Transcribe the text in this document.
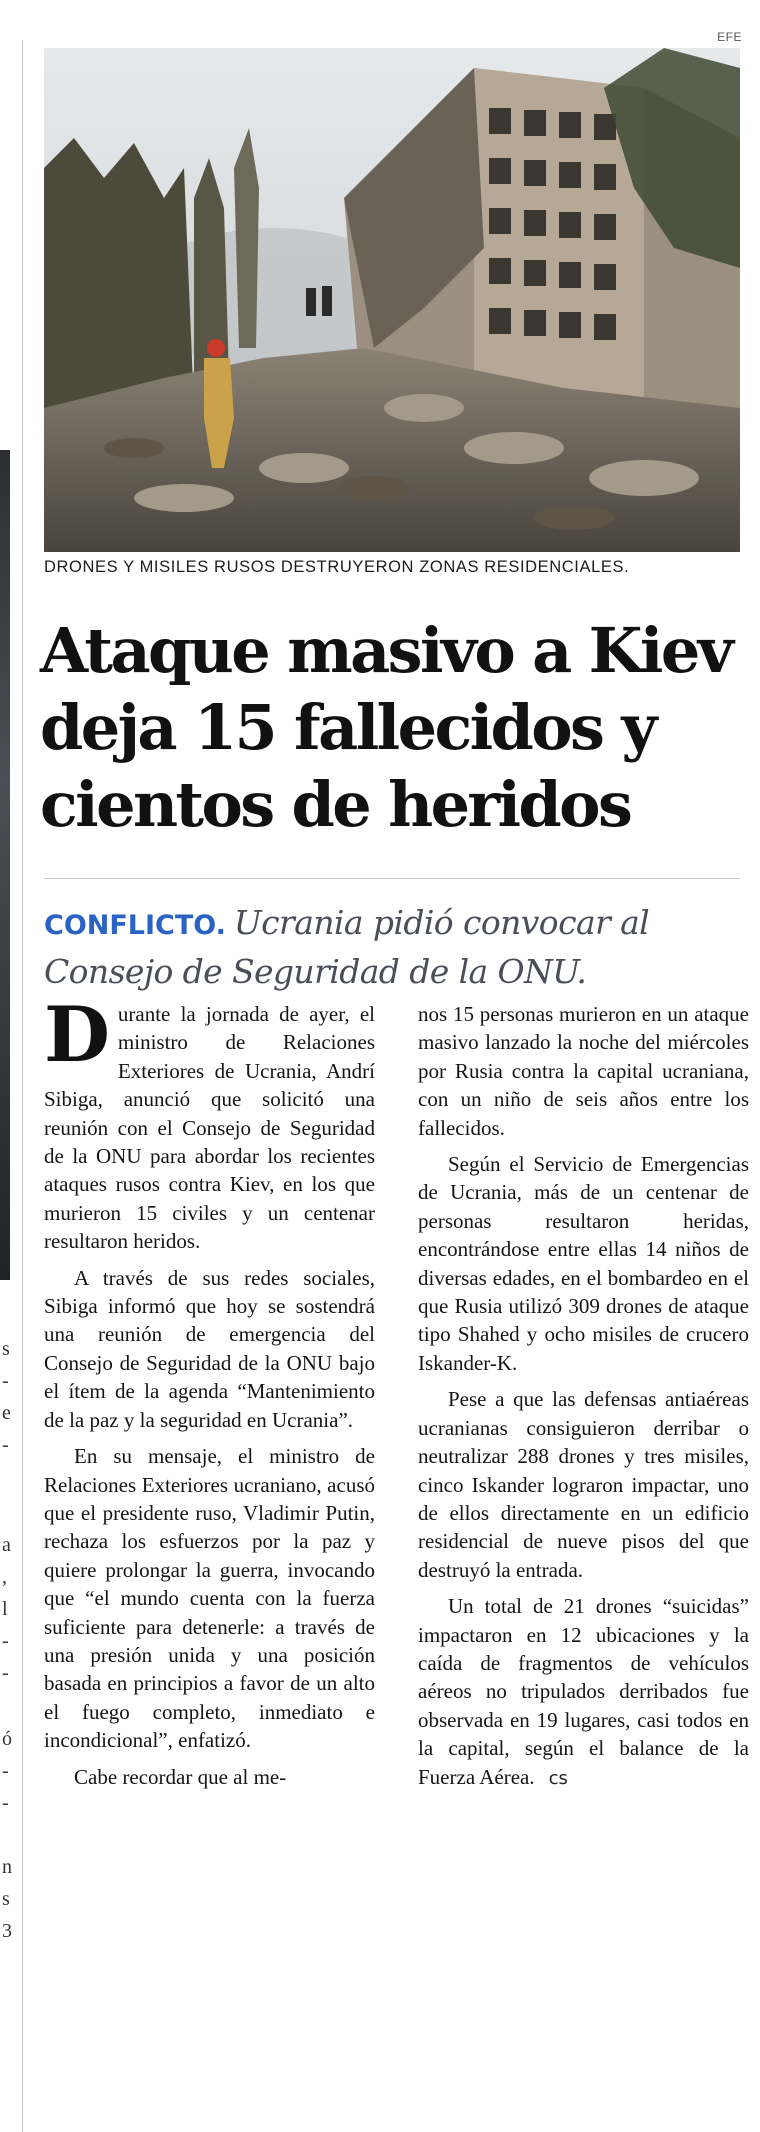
s
-
e
-
a
,
l
-
-
ó
-
-
n
s
3
EFE
DRONES Y MISILES RUSOS DESTRUYERON ZONAS RESIDENCIALES.
Ataque masivo a Kiev
deja 15 fallecidos y
cientos de heridos
CONFLICTO. Ucrania pidió convocar al Consejo de Seguridad de la ONU.

Durante la jornada de ayer, el ministro de Relaciones Exteriores de Ucrania, Andrí Sibiga, anunció que solicitó una reunión con el Consejo de Seguridad de la ONU para abordar los recientes ataques rusos contra Kiev, en los que murieron 15 civiles y un centenar resultaron heridos.

A través de sus redes sociales, Sibiga informó que hoy se sostendrá una reunión de emergencia del Consejo de Seguridad de la ONU bajo el ítem de la agenda “Mantenimiento de la paz y la seguridad en Ucrania”.

En su mensaje, el ministro de Relaciones Exteriores ucraniano, acusó que el presidente ruso, Vladimir Putin, rechaza los esfuerzos por la paz y quiere prolongar la guerra, invocando que “el mundo cuenta con la fuerza suficiente para detenerle: a través de una presión unida y una posición basada en principios a favor de un alto el fuego completo, inmediato e incondicional”, enfatizó.

Cabe recordar que al me-

nos 15 personas murieron en un ataque masivo lanzado la noche del miércoles por Rusia contra la capital ucraniana, con un niño de seis años entre los fallecidos.

Según el Servicio de Emergencias de Ucrania, más de un centenar de personas resultaron heridas, encontrándose entre ellas 14 niños de diversas edades, en el bombardeo en el que Rusia utilizó 309 drones de ataque tipo Shahed y ocho misiles de crucero Iskander-K.

Pese a que las defensas antiaéreas ucranianas consiguieron derribar o neutralizar 288 drones y tres misiles, cinco Iskander lograron impactar, uno de ellos directamente en un edificio residencial de nueve pisos del que destruyó la entrada.

Un total de 21 drones “suicidas” impactaron en 12 ubicaciones y la caída de fragmentos de vehículos aéreos no tripulados derribados fue observada en 19 lugares, casi todos en la capital, según el balance de la Fuerza Aérea. cs
